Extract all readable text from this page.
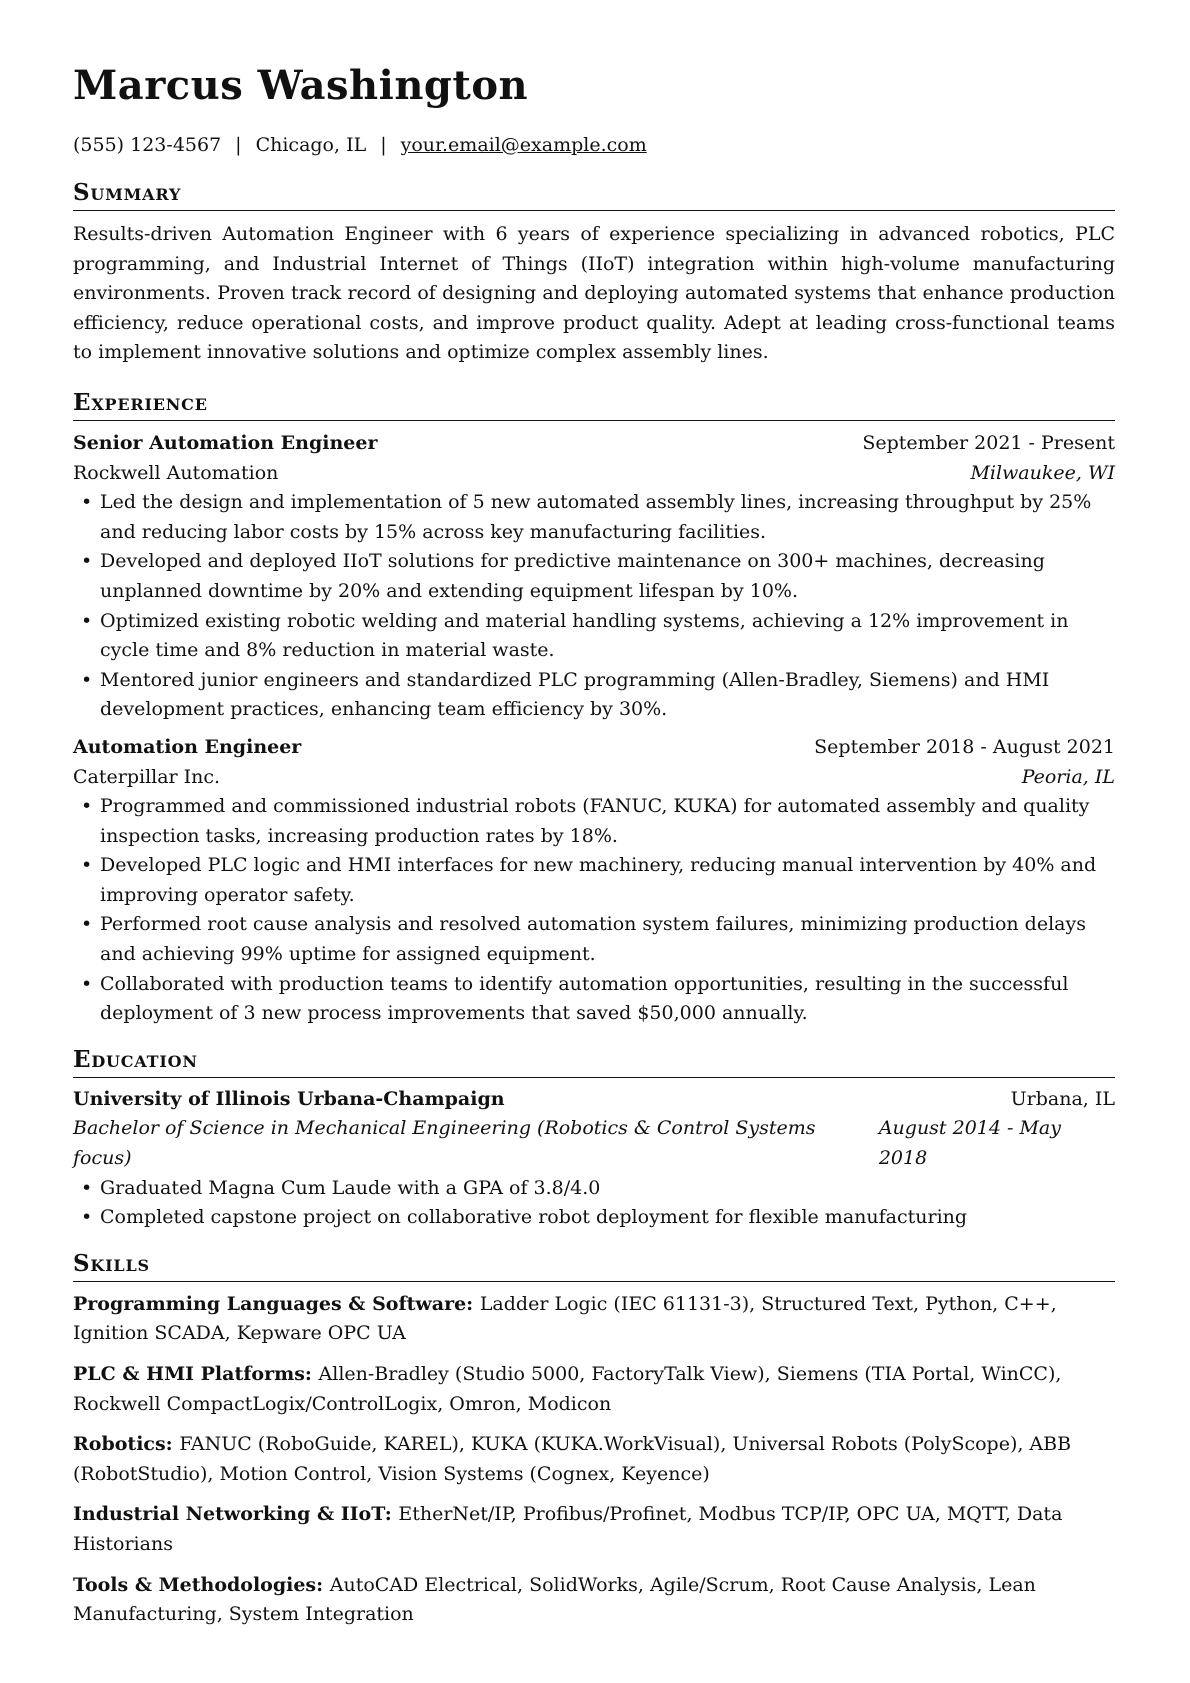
Marcus Washington
(555) 123-4567 | Chicago, IL | your.email@example.com
Summary

Results-driven Automation Engineer with 6 years of experience specializing in advanced robotics, PLC programming, and Industrial Internet of Things (IIoT) integration within high-volume manufacturing environments. Proven track record of designing and deploying automated systems that enhance production efficiency, reduce operational costs, and improve product quality. Adept at leading cross-functional teams to implement innovative solutions and optimize complex assembly lines.

Experience
Senior Automation Engineer	September 2021 - Present
Rockwell Automation	Milwaukee, WI
• Led the design and implementation of 5 new automated assembly lines, increasing throughput by 25% and reducing labor costs by 15% across key manufacturing facilities.
• Developed and deployed IIoT solutions for predictive maintenance on 300+ machines, decreasing unplanned downtime by 20% and extending equipment lifespan by 10%.
• Optimized existing robotic welding and material handling systems, achieving a 12% improvement in cycle time and 8% reduction in material waste.
• Mentored junior engineers and standardized PLC programming (Allen-Bradley, Siemens) and HMI development practices, enhancing team efficiency by 30%.
Automation Engineer	September 2018 - August 2021
Caterpillar Inc.	Peoria, IL
• Programmed and commissioned industrial robots (FANUC, KUKA) for automated assembly and quality inspection tasks, increasing production rates by 18%.
• Developed PLC logic and HMI interfaces for new machinery, reducing manual intervention by 40% and improving operator safety.
• Performed root cause analysis and resolved automation system failures, minimizing production delays and achieving 99% uptime for assigned equipment.
• Collaborated with production teams to identify automation opportunities, resulting in the successful deployment of 3 new process improvements that saved $50,000 annually.
Education
University of Illinois Urbana-Champaign	Urbana, IL
Bachelor of Science in Mechanical Engineering (Robotics & Control Systems focus)
August 2014 - May 2018
• Graduated Magna Cum Laude with a GPA of 3.8/4.0
• Completed capstone project on collaborative robot deployment for flexible manufacturing
Skills
Programming Languages & Software: Ladder Logic (IEC 61131-3), Structured Text, Python, C++, Ignition SCADA, Kepware OPC UA
PLC & HMI Platforms: Allen-Bradley (Studio 5000, FactoryTalk View), Siemens (TIA Portal, WinCC), Rockwell CompactLogix/ControlLogix, Omron, Modicon
Robotics: FANUC (RoboGuide, KAREL), KUKA (KUKA.WorkVisual), Universal Robots (PolyScope), ABB (RobotStudio), Motion Control, Vision Systems (Cognex, Keyence)
Industrial Networking & IIoT: EtherNet/IP, Profibus/Profinet, Modbus TCP/IP, OPC UA, MQTT, Data Historians
Tools & Methodologies: AutoCAD Electrical, SolidWorks, Agile/Scrum, Root Cause Analysis, Lean Manufacturing, System Integration
